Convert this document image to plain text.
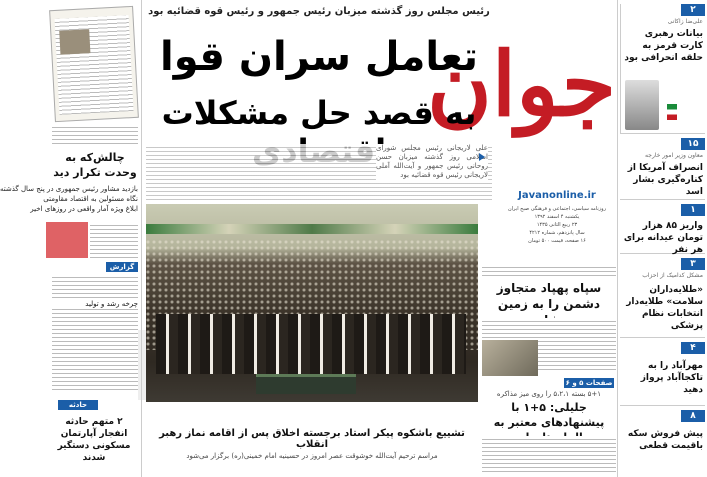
جوان
Javanonline.ir
روزنامه سیاسی، اجتماعی و فرهنگی صبح ایران
یکشنبه ۴ اسفند ۱۳۹۲
۲۳ ربیع الثانی ۱۴۳۵
سال پانزدهم، شماره ۴۲۱۲
۱۶ صفحه، قیمت ۵۰۰ تومان
۲
علی‌ضا زاکانی
بیانات رهبری کارت قرمز به حلقه انحرافی بود
۱۵
معاون وزیر امور خارجه
انصراف آمریکا از کناره‌گیری بشار اسد
۱
واریز ۸۵ هزار تومان عیدانه برای هر نفر
۳
مشکل کدامیک از احزاب
«طلایه‌داران سلامت» طلایه‌دار انتخابات نظام پزشکی
۴
مهرآباد را به تاکجاآباد پرواز دهید
۸
پیش فروش سکه باقیمت قطعی
رئیس مجلس روز گذشته میزبان رئیس جمهور و رئیس قوه قضائیه بود
تعامل سران قوا
به قصد حل مشکلات
علی لاریجانی رئیس مجلس شورای اسلامی روز گذشته میزبان حسن روحانی رئیس جمهور و آیت‌الله آملی لاریجانی رئیس قوه قضائیه بود
تشییع باشکوه پیکر استاد برجسته اخلاق پس از اقامه نماز رهبر انقلاب
مراسم ترحیم آیت‌الله خوشوقت عصر امروز در حسینیه امام خمینی(ره) برگزار می‌شود
سپاه پهپاد متجاوز دشمن را به زمین
صفحات ۵ و ۶
۵+۱ بسته ۵،۲،۱ را روی میز مذاکره
جلیلی: ۵+۱ با پیشنهادهای معتبر به
چالش‌که به وحدت تکرار دید
بازدید مشاور رئیس جمهوری در پنج سال گذشته
نگاه مسئولین به اقتصاد مقاومتی
ابلاغ ویژه آمار واقعی در روزهای اخیر
گزارش
چرخه رشد و تولید
حادثه
۲ متهم حادثه انفجار آپارتمان مسکونی دستگیر شدند
